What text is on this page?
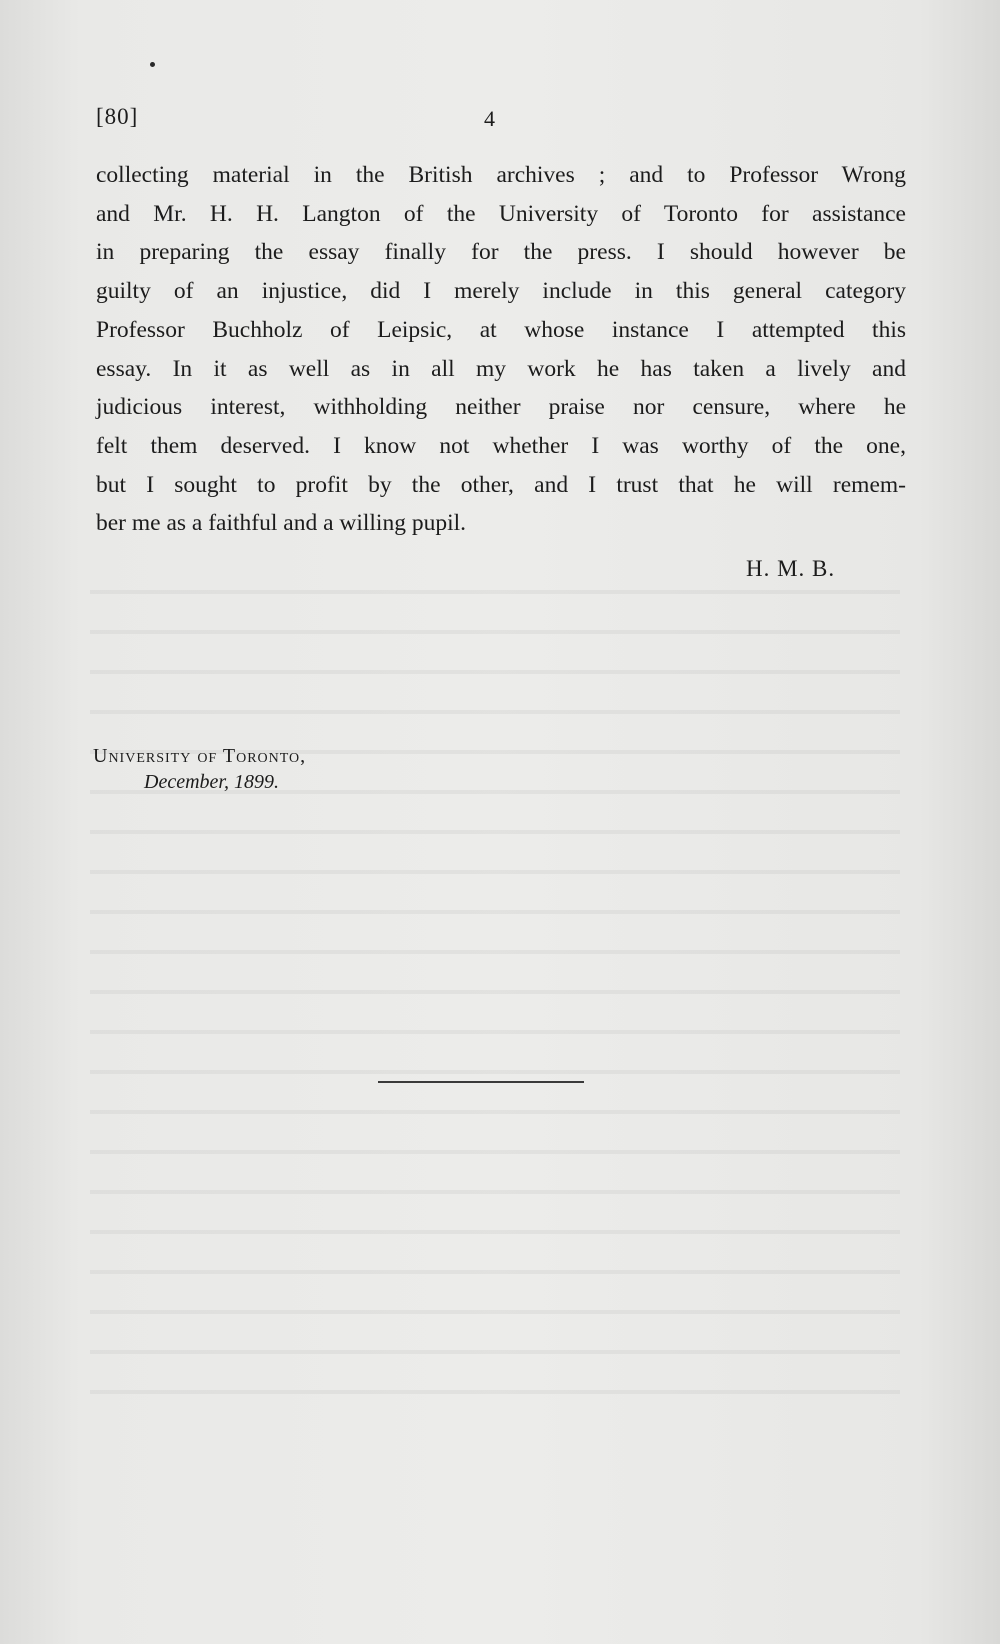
[80]	4
collecting material in the British archives ; and to Professor Wrong
and Mr. H. H. Langton of the University of Toronto for assistance
in preparing the essay finally for the press. I should however be
guilty of an injustice, did I merely include in this general category
Professor Buchholz of Leipsic, at whose instance I attempted this
essay. In it as well as in all my work he has taken a lively and
judicious interest, withholding neither praise nor censure, where he
felt them deserved. I know not whether I was worthy of the one,
but I sought to profit by the other, and I trust that he will remem-
ber me as a faithful and a willing pupil.
H. M. B.
University of Toronto,
December, 1899.
